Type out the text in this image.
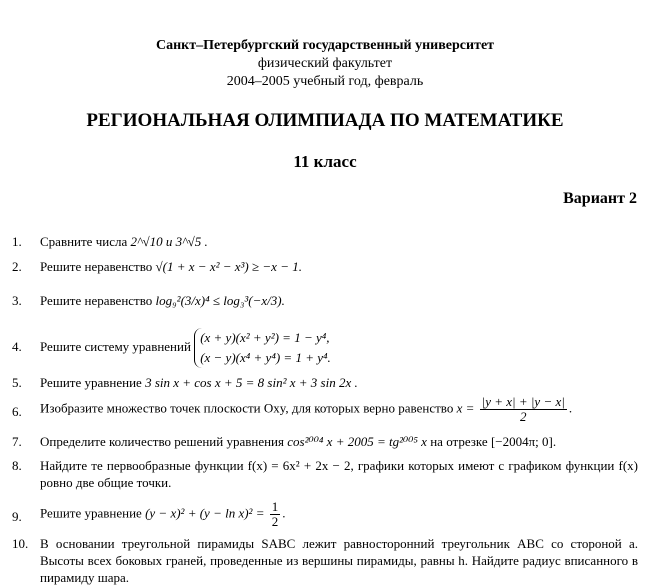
Санкт–Петербургский государственный университет
физический факультет
2004–2005 учебный год, февраль
РЕГИОНАЛЬНАЯ ОЛИМПИАДА ПО МАТЕМАТИКЕ
11 класс
Вариант 2
1. Сравните числа 2^√10 и 3^√5 .
2. Решите неравенство √(1 + x − x² − x³) ≥ −x − 1.
3. Решите неравенство log₉²(3/x)⁴ ≤ log₃³(−x/3).
4. Решите систему уравнений
(x + y)(x² + y²) = 1 − y⁴,
(x − y)(x⁴ + y⁴) = 1 + y⁴.
5. Решите уравнение 3 sin x + cos x + 5 = 8 sin² x + 3 sin 2x .
6. Изобразите множество точек плоскости Oxy, для которых верно равенство $x = \frac{|y + x| + |y - x|}{2}$ .
7. Определите количество решений уравнения cos²⁰⁰⁴ x + 2005 = tg²⁰⁰⁵ x на отрезке [−2004π; 0].
8. Найдите те первообразные функции f(x) = 6x² + 2x − 2, графики которых имеют с графиком функции f(x) ровно две общие точки.
9. Решите уравнение $(y - x)^2 + (y - \ln x)^2 = \frac{1}{2}$ .
10. В основании треугольной пирамиды SABC лежит равносторонний треугольник ABC со стороной a. Высоты всех боковых граней, проведенные из вершины пирамиды, равны h. Найдите радиус вписанного в пирамиду шара.
